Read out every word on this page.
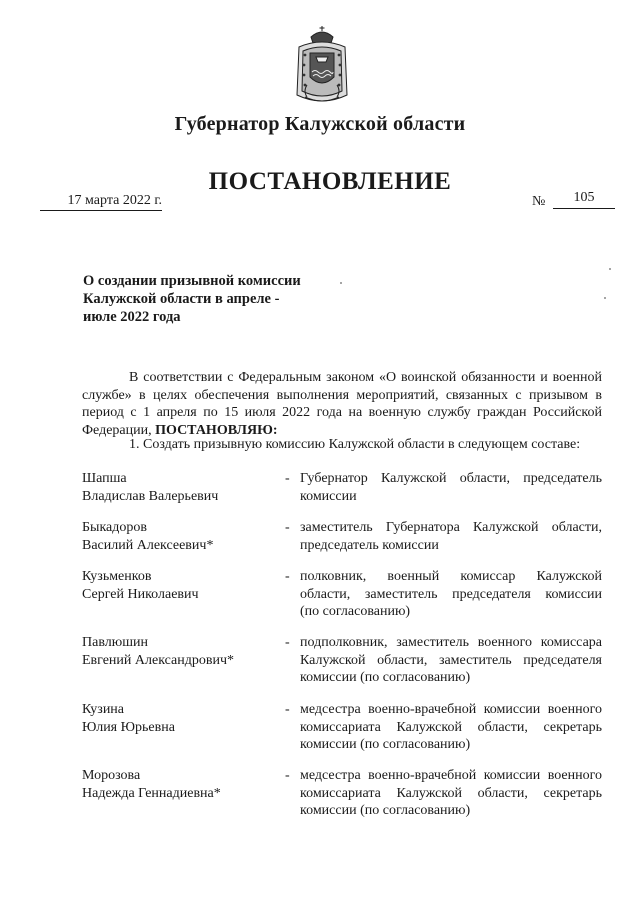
Губернатор Калужской области
ПОСТАНОВЛЕНИЕ
17 марта 2022 г.	№	105
О создании призывной комиссии
Калужской области в апреле -
июле 2022 года
В соответствии с Федеральным законом «О воинской обязанности и военной службе» в целях обеспечения выполнения мероприятий, связанных с призывом в период с 1 апреля по 15 июля 2022 года на военную службу граждан Российской Федерации, ПОСТАНОВЛЯЮ:
1. Создать призывную комиссию Калужской области в следующем составе:
Шапша
Владислав Валерьевич
- Губернатор Калужской области, председатель
комиссии
Быкадоров
Василий Алексеевич*
- заместитель Губернатора Калужской области,
председатель комиссии
Кузьменков
Сергей Николаевич
- полковник, военный комиссар Калужской
области, заместитель председателя комиссии
(по согласованию)
Павлюшин
Евгений Александрович*
- подполковник, заместитель военного комиссара
Калужской области, заместитель председателя
комиссии (по согласованию)
Кузина
Юлия Юрьевна
- медсестра военно-врачебной комиссии военного
комиссариата Калужской области, секретарь
комиссии (по согласованию)
Морозова
Надежда Геннадиевна*
- медсестра военно-врачебной комиссии военного
комиссариата Калужской области, секретарь
комиссии (по согласованию)
